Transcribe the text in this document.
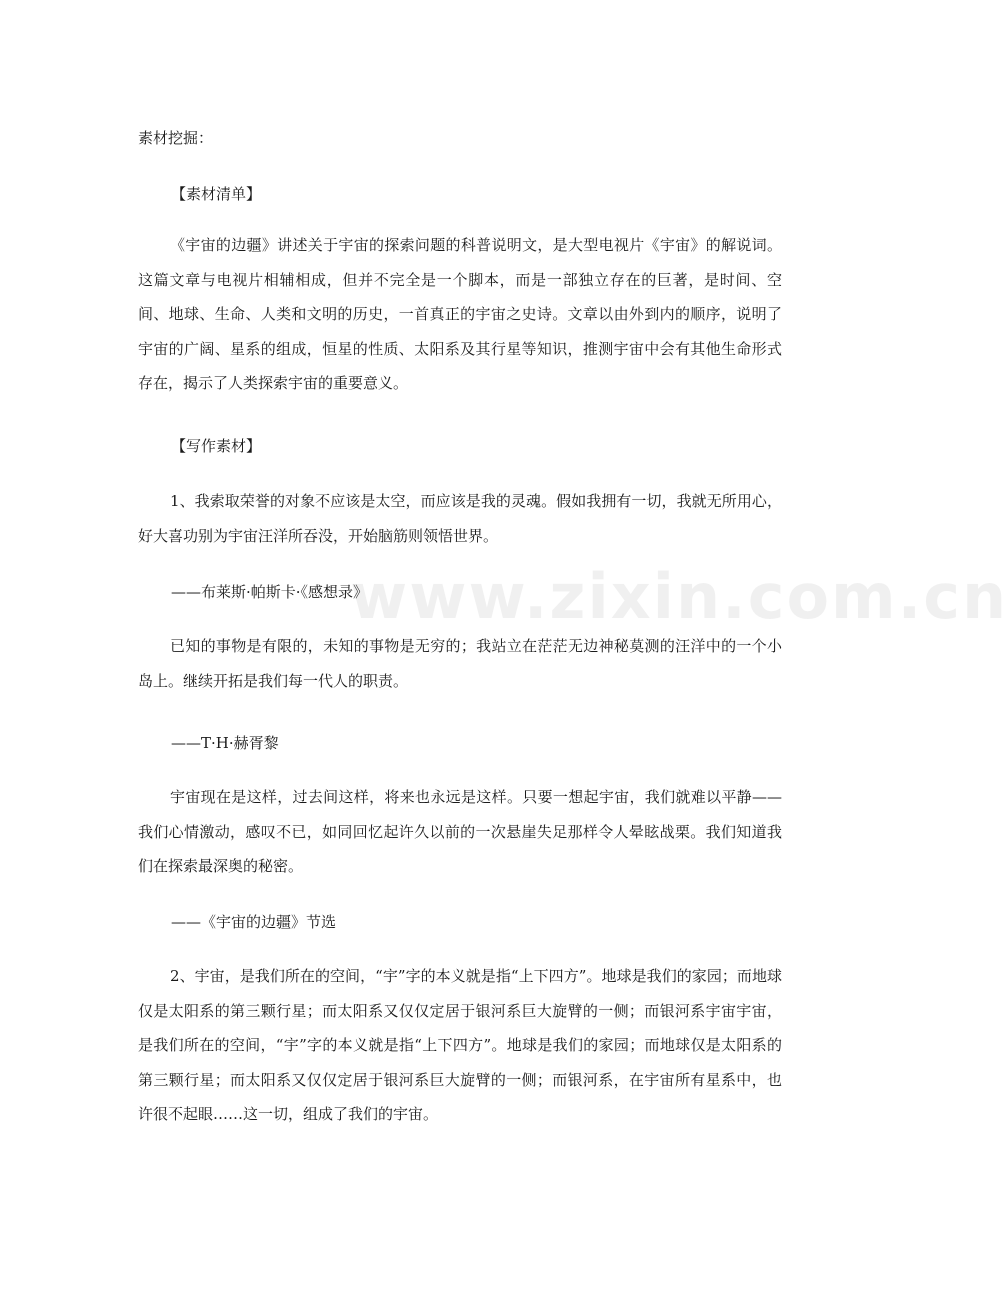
www.zixin.com.cn
素材挖掘：
【素材清单】
《宇宙的边疆》讲述关于宇宙的探索问题的科普说明文，是大型电视片《宇宙》的解说词。这篇文章与电视片相辅相成，但并不完全是一个脚本，而是一部独立存在的巨著，是时间、空间、地球、生命、人类和文明的历史，一首真正的宇宙之史诗。文章以由外到内的顺序，说明了宇宙的广阔、星系的组成，恒星的性质、太阳系及其行星等知识，推测宇宙中会有其他生命形式存在，揭示了人类探索宇宙的重要意义。
【写作素材】
1、我索取荣誉的对象不应该是太空，而应该是我的灵魂。假如我拥有一切，我就无所用心，好大喜功别为宇宙汪洋所吞没，开始脑筋则领悟世界。
——布莱斯·帕斯卡·《感想录》
已知的事物是有限的，未知的事物是无穷的；我站立在茫茫无边神秘莫测的汪洋中的一个小岛上。继续开拓是我们每一代人的职责。
——T·H·赫胥黎
宇宙现在是这样，过去间这样，将来也永远是这样。只要一想起宇宙，我们就难以平静——我们心情激动，感叹不已，如同回忆起许久以前的一次悬崖失足那样令人晕眩战栗。我们知道我们在探索最深奥的秘密。
——《宇宙的边疆》节选
2、宇宙，是我们所在的空间，“宇”字的本义就是指“上下四方”。地球是我们的家园；而地球仅是太阳系的第三颗行星；而太阳系又仅仅定居于银河系巨大旋臂的一侧；而银河系宇宙宇宙，是我们所在的空间，“宇”字的本义就是指“上下四方”。地球是我们的家园；而地球仅是太阳系的第三颗行星；而太阳系又仅仅定居于银河系巨大旋臂的一侧；而银河系，在宇宙所有星系中，也许很不起眼……这一切，组成了我们的宇宙。
